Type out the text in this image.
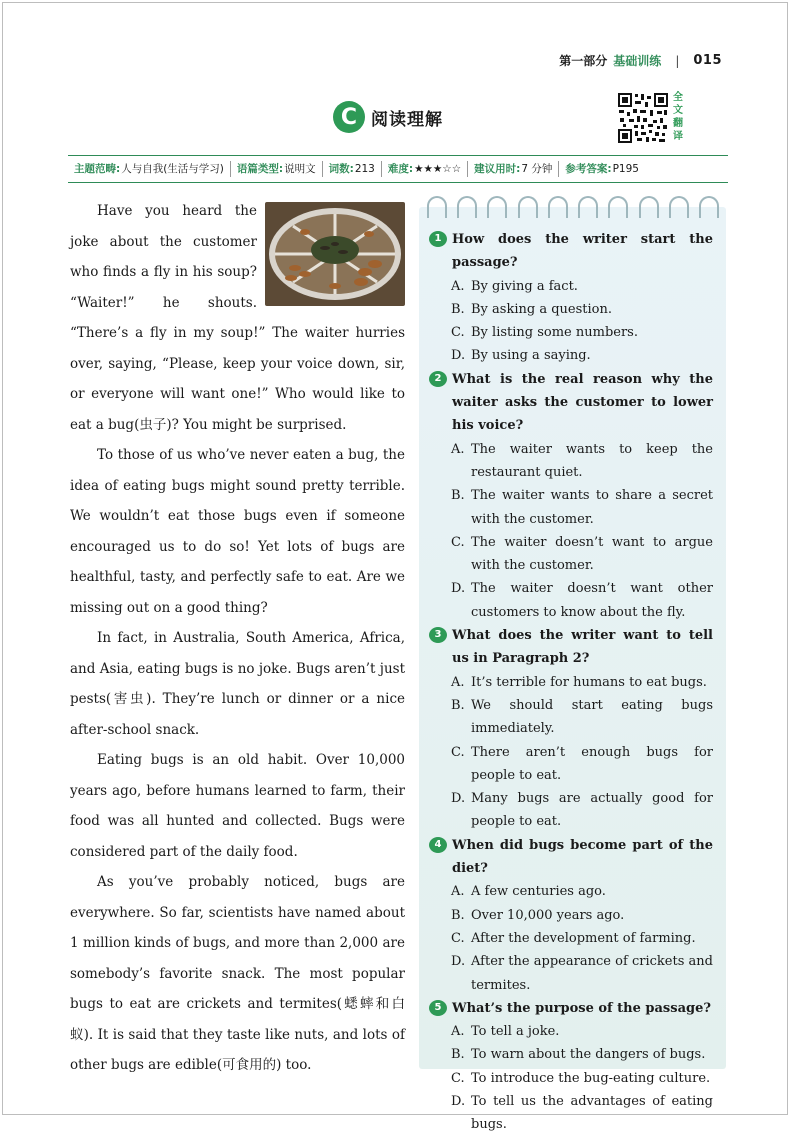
第一部分 基础训练 | 015
C 阅读理解
全
文
翻
译
主题范畴: 人与自我(生活与学习) 语篇类型: 说明文 词数: 213 难度: ★★★☆☆ 建议用时: 7 分钟 参考答案: P195

Have you heard the joke about the customer who finds a fly in his soup? “Waiter!” he shouts. “There’s a fly in my soup!” The waiter hurries over, saying, “Please, keep your voice down, sir, or everyone will want one!” Who would like to eat a bug(虫子)? You might be surprised.

To those of us who’ve never eaten a bug, the idea of eating bugs might sound pretty terrible. We wouldn’t eat those bugs even if someone encouraged us to do so! Yet lots of bugs are healthful, tasty, and perfectly safe to eat. Are we missing out on a good thing?

In fact, in Australia, South America, Africa, and Asia, eating bugs is no joke. Bugs aren’t just pests(害虫). They’re lunch or dinner or a nice after-school snack.

Eating bugs is an old habit. Over 10,000 years ago, before humans learned to farm, their food was all hunted and collected. Bugs were considered part of the daily food.

As you’ve probably noticed, bugs are everywhere. So far, scientists have named about 1 million kinds of bugs, and more than 2,000 are somebody’s favorite snack. The most popular bugs to eat are crickets and termites(蟋蟀和白蚁). It is said that they taste like nuts, and lots of other bugs are edible(可食用的) too.

1 How does the writer start the passage?
A. By giving a fact.
B. By asking a question.
C. By listing some numbers.
D. By using a saying.
2 What is the real reason why the waiter asks the customer to lower his voice?
A. The waiter wants to keep the restaurant quiet.
B. The waiter wants to share a secret with the customer.
C. The waiter doesn’t want to argue with the customer.
D. The waiter doesn’t want other customers to know about the fly.
3 What does the writer want to tell us in Paragraph 2?
A. It’s terrible for humans to eat bugs.
B. We should start eating bugs immediately.
C. There aren’t enough bugs for people to eat.
D. Many bugs are actually good for people to eat.
4 When did bugs become part of the diet?
A. A few centuries ago.
B. Over 10,000 years ago.
C. After the development of farming.
D. After the appearance of crickets and termites.
5 What’s the purpose of the passage?
A. To tell a joke.
B. To warn about the dangers of bugs.
C. To introduce the bug-eating culture.
D. To tell us the advantages of eating bugs.
